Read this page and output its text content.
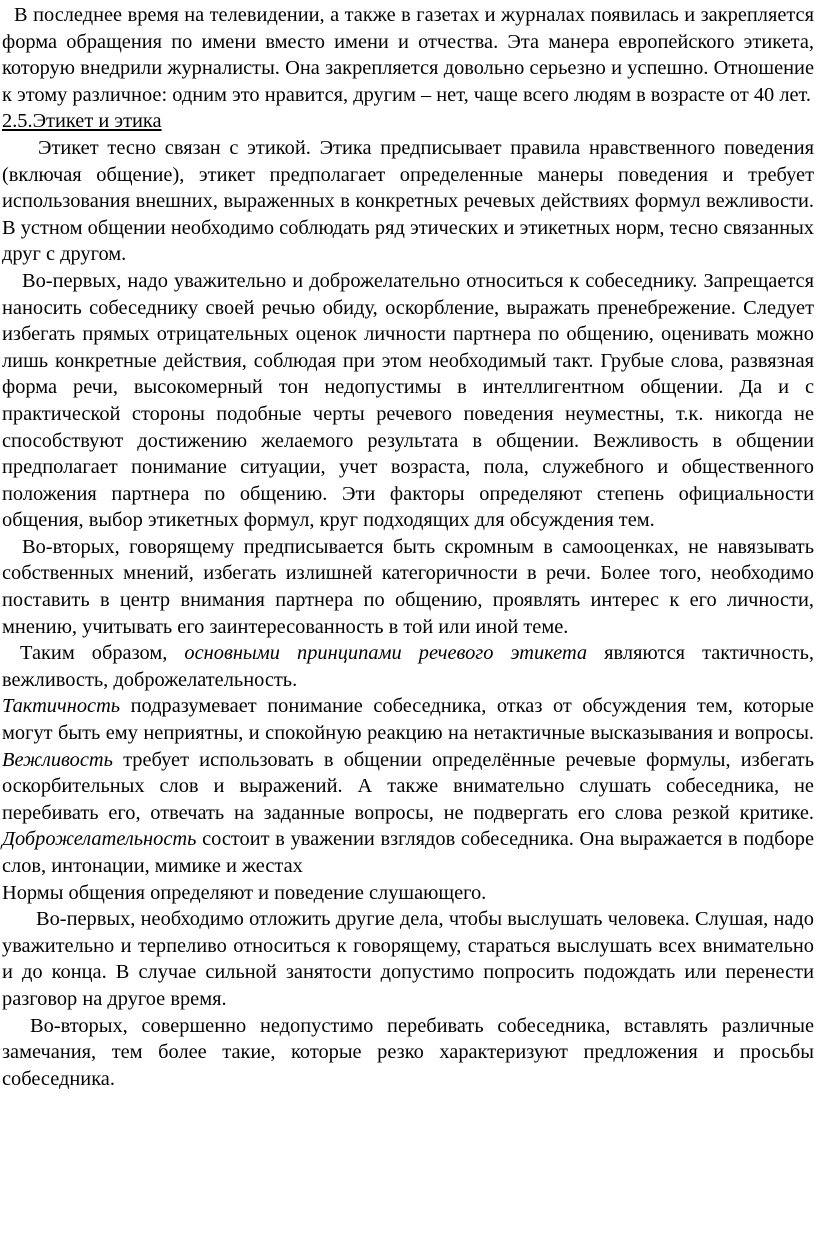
В последнее время на телевидении, а также в газетах и журналах появилась и закрепляется форма обращения по имени вместо имени и отчества. Эта манера европейского этикета, которую внедрили журналисты. Она закрепляется довольно серьезно и успешно. Отношение к этому различное: одним это нравится, другим – нет, чаще всего людям в возрасте от 40 лет.

2.5.Этикет и этика

Этикет тесно связан с этикой. Этика предписывает правила нравственного поведения (включая общение), этикет предполагает определенные манеры поведения и требует использования внешних, выраженных в конкретных речевых действиях формул вежливости. В устном общении необходимо соблюдать ряд этических и этикетных норм, тесно связанных друг с другом.

Во-первых, надо уважительно и доброжелательно относиться к собеседнику. Запрещается наносить собеседнику своей речью обиду, оскорбление, выражать пренебрежение. Следует избегать прямых отрицательных оценок личности партнера по общению, оценивать можно лишь конкретные действия, соблюдая при этом необходимый такт. Грубые слова, развязная форма речи, высокомерный тон недопустимы в интеллигентном общении. Да и с практической стороны подобные черты речевого поведения неуместны, т.к. никогда не способствуют достижению желаемого результата в общении. Вежливость в общении предполагает понимание ситуации, учет возраста, пола, служебного и общественного положения партнера по общению. Эти факторы определяют степень официальности общения, выбор этикетных формул, круг подходящих для обсуждения тем.

Во-вторых, говорящему предписывается быть скромным в самооценках, не навязывать собственных мнений, избегать излишней категоричности в речи. Более того, необходимо поставить в центр внимания партнера по общению, проявлять интерес к его личности, мнению, учитывать его заинтересованность в той или иной теме.

Таким образом, основными принципами речевого этикета являются тактичность, вежливость, доброжелательность.

Тактичность подразумевает понимание собеседника, отказ от обсуждения тем, которые могут быть ему неприятны, и спокойную реакцию на нетактичные высказывания и вопросы. Вежливость требует использовать в общении определённые речевые формулы, избегать оскорбительных слов и выражений. А также внимательно слушать собеседника, не перебивать его, отвечать на заданные вопросы, не подвергать его слова резкой критике. Доброжелательность состоит в уважении взглядов собеседника. Она выражается в подборе слов, интонации, мимике и жестах

Нормы общения определяют и поведение слушающего.

Во-первых, необходимо отложить другие дела, чтобы выслушать человека. Слушая, надо уважительно и терпеливо относиться к говорящему, стараться выслушать всех внимательно и до конца. В случае сильной занятости допустимо попросить подождать или перенести разговор на другое время.

Во-вторых, совершенно недопустимо перебивать собеседника, вставлять различные замечания, тем более такие, которые резко характеризуют предложения и просьбы собеседника.
